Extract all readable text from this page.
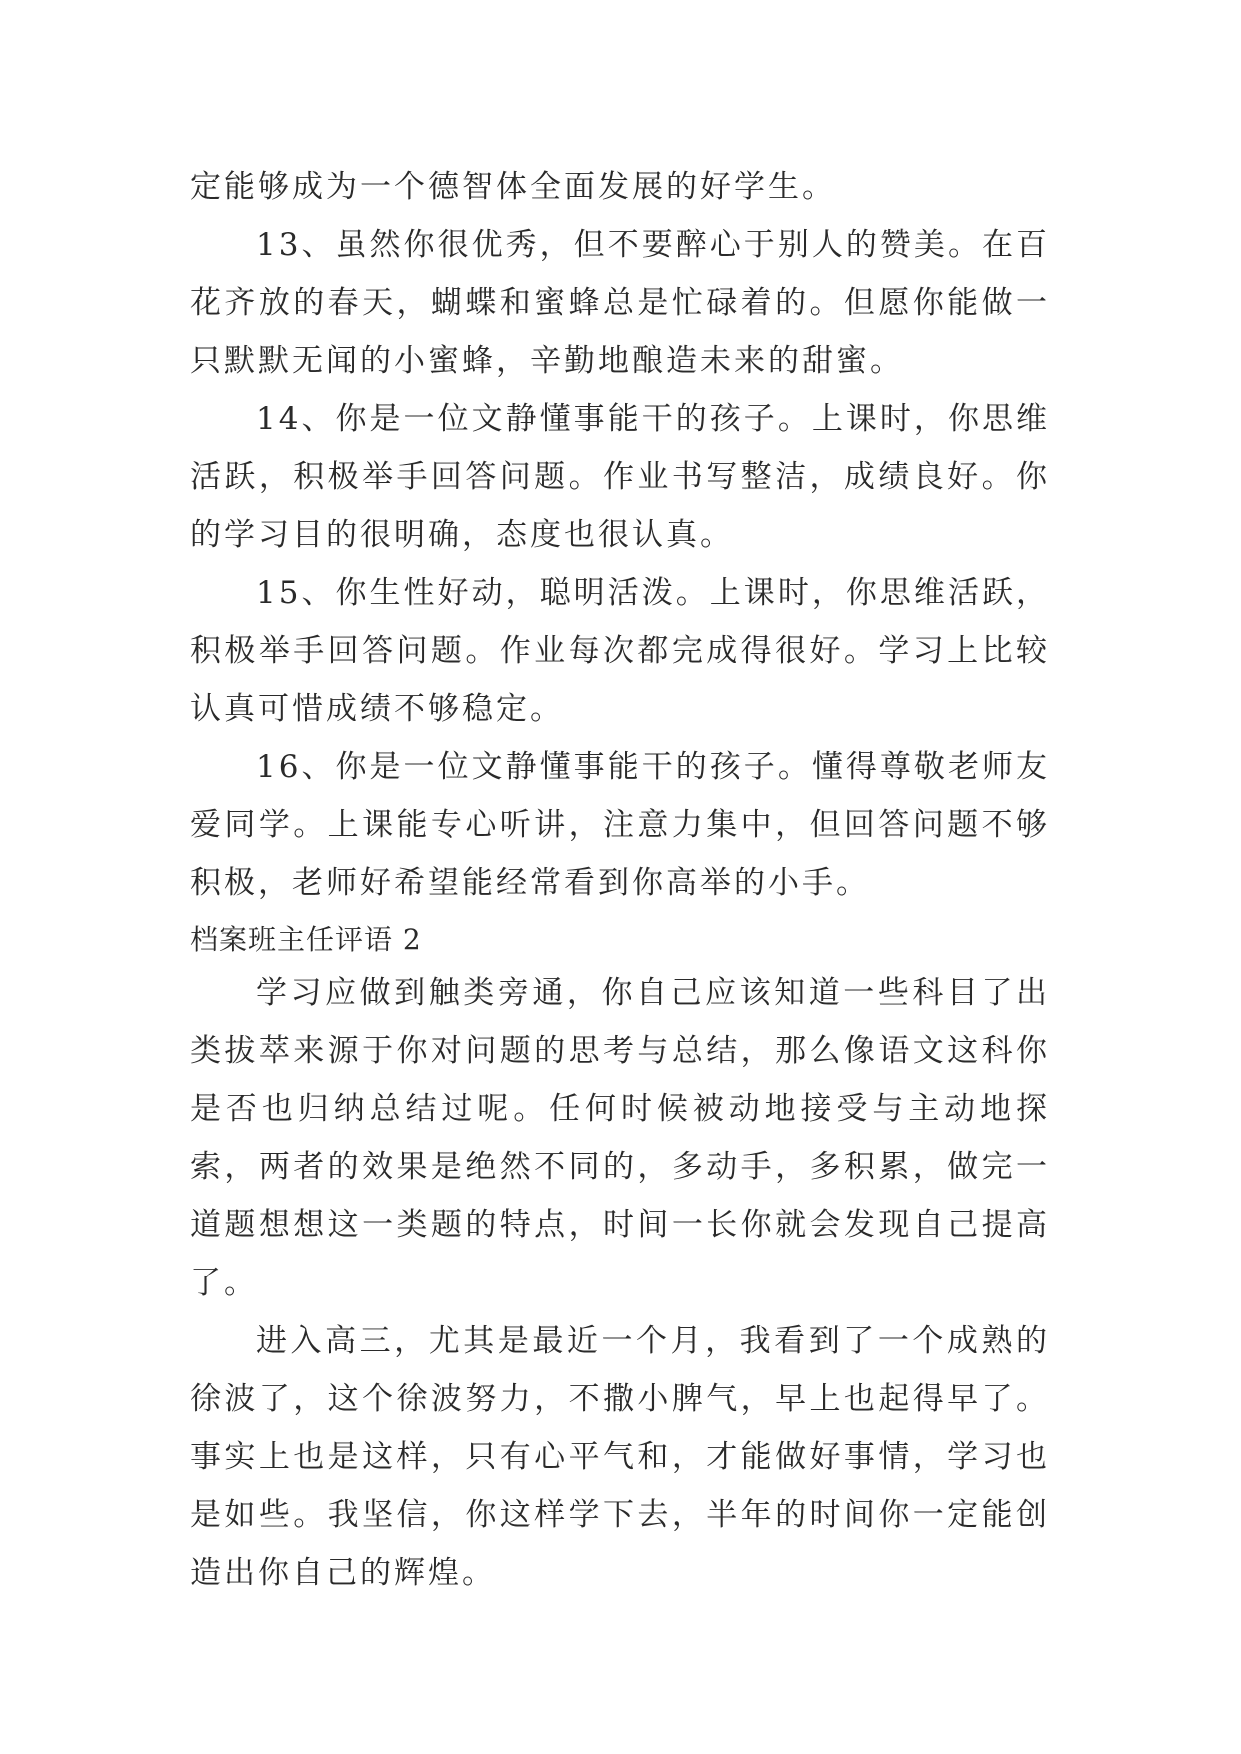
定能够成为一个德智体全面发展的好学生。

13、虽然你很优秀，但不要醉心于别人的赞美。在百花齐放的春天，蝴蝶和蜜蜂总是忙碌着的。但愿你能做一只默默无闻的小蜜蜂，辛勤地酿造未来的甜蜜。

14、你是一位文静懂事能干的孩子。上课时，你思维活跃，积极举手回答问题。作业书写整洁，成绩良好。你的学习目的很明确，态度也很认真。

15、你生性好动，聪明活泼。上课时，你思维活跃，积极举手回答问题。作业每次都完成得很好。学习上比较认真可惜成绩不够稳定。

16、你是一位文静懂事能干的孩子。懂得尊敬老师友爱同学。上课能专心听讲，注意力集中，但回答问题不够积极，老师好希望能经常看到你高举的小手。

档案班主任评语 2

学习应做到触类旁通，你自己应该知道一些科目了出类拔萃来源于你对问题的思考与总结，那么像语文这科你是否也归纳总结过呢。任何时候被动地接受与主动地探索，两者的效果是绝然不同的，多动手，多积累，做完一道题想想这一类题的特点，时间一长你就会发现自己提高了。

进入高三，尤其是最近一个月，我看到了一个成熟的徐波了，这个徐波努力，不撒小脾气，早上也起得早了。事实上也是这样，只有心平气和，才能做好事情，学习也是如些。我坚信，你这样学下去，半年的时间你一定能创造出你自己的辉煌。
